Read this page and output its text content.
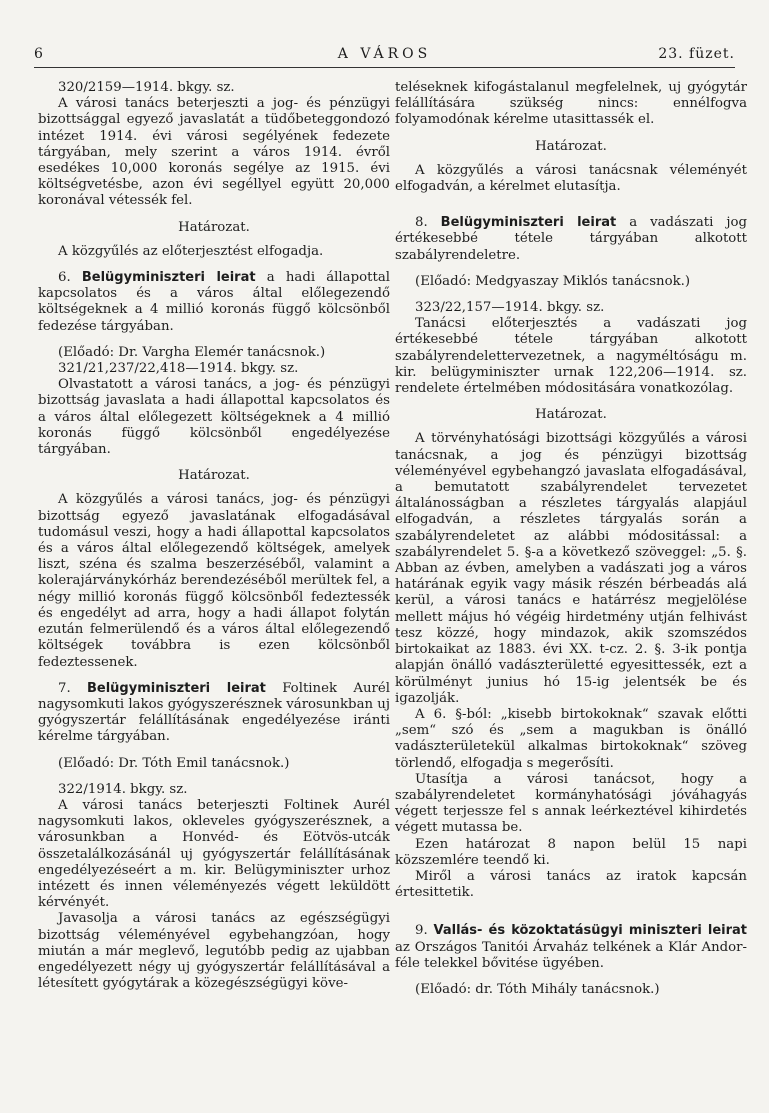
6	A VÁROS	23. füzet.

320/2159—1914. bkgy. sz.

A városi tanács beterjeszti a jog- és pénzügyi bizottsággal egyező javaslatát a tüdőbeteggondozó intézet 1914. évi városi segélyének fedezete tárgyában, mely szerint a város 1914. évről esedékes 10,000 koronás segélye az 1915. évi költségvetésbe, azon évi segéllyel együtt 20,000 koronával vétessék fel.

Határozat.

A közgyűlés az előterjesztést elfogadja.

6. Belügyminiszteri leirat a hadi állapottal kapcsolatos és a város által előlegezendő költségeknek a 4 millió koronás függő kölcsönből fedezése tárgyában.

(Előadó: Dr. Vargha Elemér tanácsnok.)

321/21,237/22,418—1914. bkgy. sz.

Olvastatott a városi tanács, a jog- és pénzügyi bizottság javaslata a hadi állapottal kapcsolatos és a város által előlegezett költségeknek a 4 millió koronás függő kölcsönből engedélyezése tárgyában.

Határozat.

A közgyűlés a városi tanács, jog- és pénzügyi bizottság egyező javaslatának elfogadásával tudomásul veszi, hogy a hadi állapottal kapcsolatos és a város által előlegezendő költségek, amelyek liszt, széna és szalma beszerzéséből, valamint a kolerajárványkórház berendezéséből merültek fel, a négy millió koronás függő kölcsönből fedeztessék és engedélyt ad arra, hogy a hadi állapot folytán ezután felmerülendő és a város által előlegezendő költségek továbbra is ezen kölcsönből fedeztessenek.

7. Belügyminiszteri leirat Foltinek Aurél nagysomkuti lakos gyógyszerésznek városunkban uj gyógyszertár felállításának engedélyezése iránti kérelme tárgyában.

(Előadó: Dr. Tóth Emil tanácsnok.)

322/1914. bkgy. sz.

A városi tanács beterjeszti Foltinek Aurél nagysomkuti lakos, okleveles gyógyszerésznek, a városunkban a Honvéd- és Eötvös-utcák összetalálkozásánál uj gyógyszertár felállításának engedélyezéseért a m. kir. Belügyminiszter urhoz intézett és innen véleményezés végett leküldött kérvényét.

Javasolja a városi tanács az egészségügyi bizottság véleményével egybehangzóan, hogy miután a már meglevő, legutóbb pedig az ujabban engedélyezett négy uj gyógyszertár felállításával a létesített gyógytárak a közegészségügyi köve-

teléseknek kifogástalanul megfelelnek, uj gyógytár felállítására szükség nincs: ennélfogva folyamodónak kérelme utasittassék el.

Határozat.

A közgyűlés a városi tanácsnak véleményét elfogadván, a kérelmet elutasítja.

8. Belügyminiszteri leirat a vadászati jog értékesebbé tétele tárgyában alkotott szabályrendeletre.

(Előadó: Medgyaszay Miklós tanácsnok.)

323/22,157—1914. bkgy. sz.

Tanácsi előterjesztés a vadászati jog értékesebbé tétele tárgyában alkotott szabályrendelettervezetnek, a nagyméltóságu m. kir. belügyminiszter urnak 122,206—1914. sz. rendelete értelmében módositására vonatkozólag.

Határozat.

A törvényhatósági bizottsági közgyűlés a városi tanácsnak, a jog és pénzügyi bizottság véleményével egybehangzó javaslata elfogadásával, a bemutatott szabályrendelet tervezetet általánosságban a részletes tárgyalás alapjául elfogadván, a részletes tárgyalás során a szabályrendeletet az alábbi módositással: a szabályrendelet 5. §-a a következő szöveggel: „5. §. Abban az évben, amelyben a vadászati jog a város határának egyik vagy másik részén bérbeadás alá kerül, a városi tanács e határrész megjelölése mellett május hó végéig hirdetmény utján felhivást tesz közzé, hogy mindazok, akik szomszédos birtokaikat az 1883. évi XX. t-cz. 2. §. 3-ik pontja alapján önálló vadászterületté egyesittessék, ezt a körülményt junius hó 15-ig jelentsék be és igazolják.

A 6. §-ból: „kisebb birtokoknak“ szavak előtti „sem“ szó és „sem a magukban is önálló vadászterületekül alkalmas birtokoknak“ szöveg törlendő, elfogadja s megerősíti.

Utasítja a városi tanácsot, hogy a szabályrendeletet kormányhatósági jóváhagyás végett terjessze fel s annak leérkeztével kihirdetés végett mutassa be.

Ezen határozat 8 napon belül 15 napi közszemlére teendő ki.

Miről a városi tanács az iratok kapcsán értesittetik.

9. Vallás- és közoktatásügyi miniszteri leirat az Országos Tanitói Árvaház telkének a Klár Andor-féle telekkel bővitése ügyében.

(Előadó: dr. Tóth Mihály tanácsnok.)
